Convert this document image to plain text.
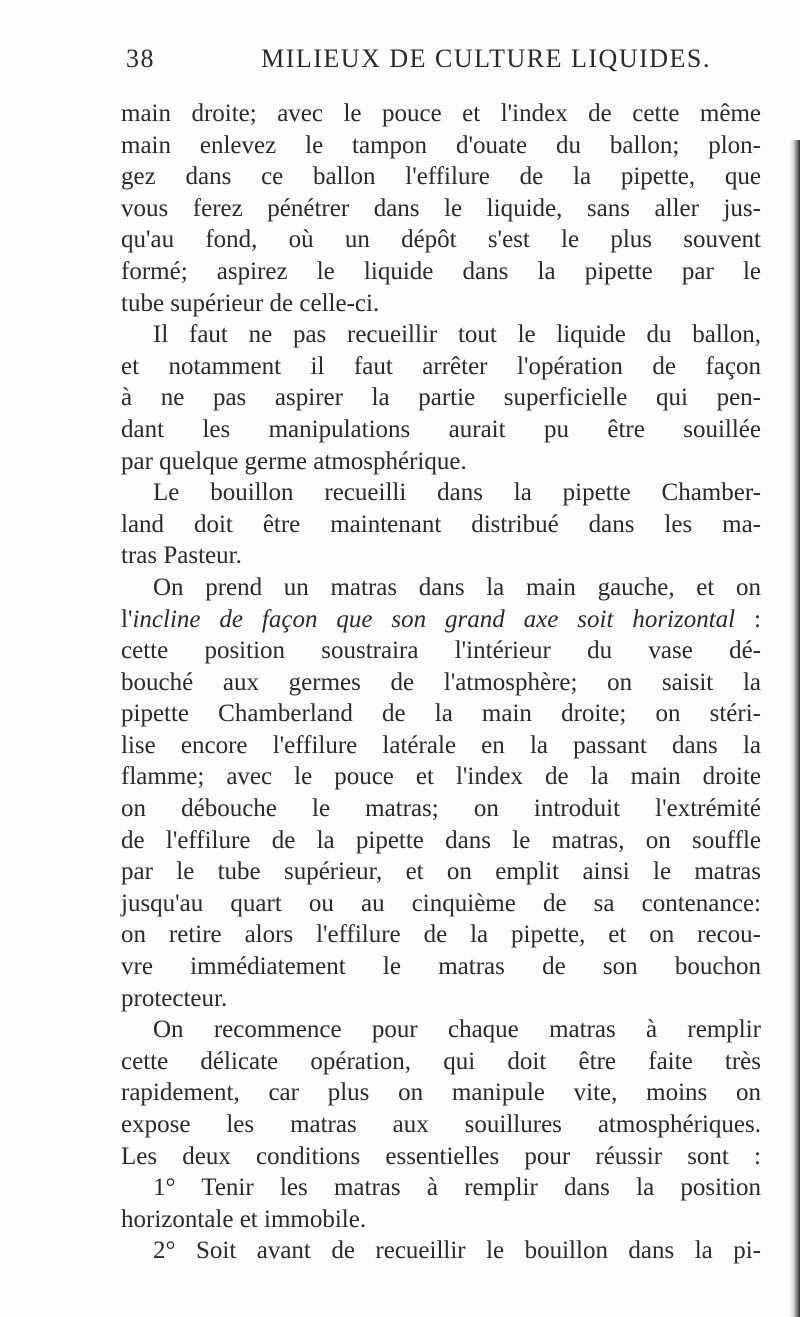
38	MILIEUX DE CULTURE LIQUIDES.
main droite; avec le pouce et l'index de cette même
main enlevez le tampon d'ouate du ballon; plon-
gez dans ce ballon l'effilure de la pipette, que
vous ferez pénétrer dans le liquide, sans aller jus-
qu'au fond, où un dépôt s'est le plus souvent
formé; aspirez le liquide dans la pipette par le
tube supérieur de celle-ci.
Il faut ne pas recueillir tout le liquide du ballon,
et notamment il faut arrêter l'opération de façon
à ne pas aspirer la partie superficielle qui pen-
dant les manipulations aurait pu être souillée
par quelque germe atmosphérique.
Le bouillon recueilli dans la pipette Chamber-
land doit être maintenant distribué dans les ma-
tras Pasteur.
On prend un matras dans la main gauche, et on
l'incline de façon que son grand axe soit horizontal :
cette position soustraira l'intérieur du vase dé-
bouché aux germes de l'atmosphère; on saisit la
pipette Chamberland de la main droite; on stéri-
lise encore l'effilure latérale en la passant dans la
flamme; avec le pouce et l'index de la main droite
on débouche le matras; on introduit l'extrémité
de l'effilure de la pipette dans le matras, on souffle
par le tube supérieur, et on emplit ainsi le matras
jusqu'au quart ou au cinquième de sa contenance:
on retire alors l'effilure de la pipette, et on recou-
vre immédiatement le matras de son bouchon
protecteur.
On recommence pour chaque matras à remplir
cette délicate opération, qui doit être faite très
rapidement, car plus on manipule vite, moins on
expose les matras aux souillures atmosphériques.
Les deux conditions essentielles pour réussir sont :
1° Tenir les matras à remplir dans la position
horizontale et immobile.
2° Soit avant de recueillir le bouillon dans la pi-
